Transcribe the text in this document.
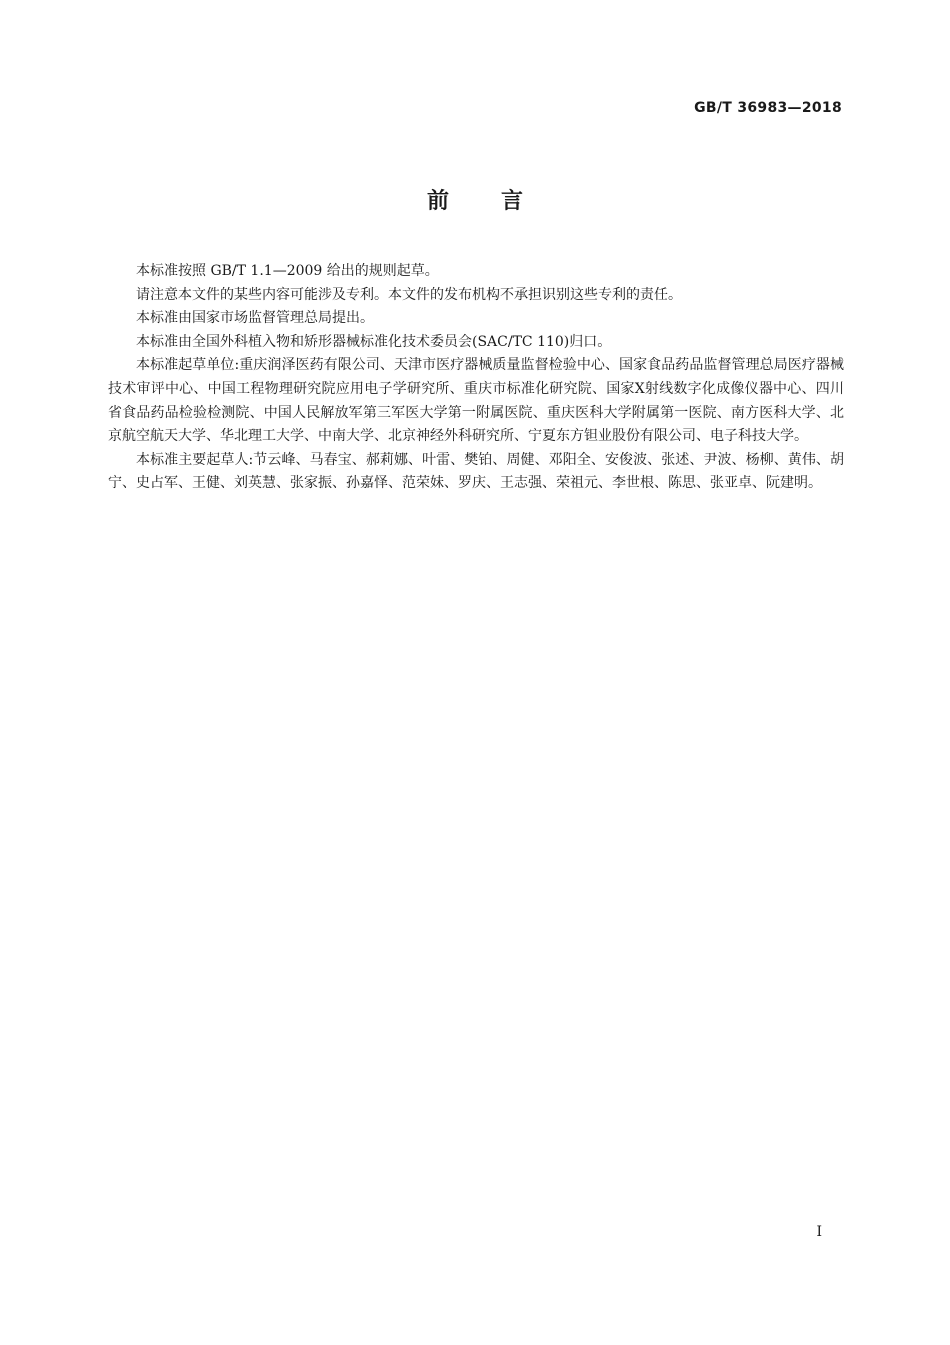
GB/T 36983—2018
前言

本标准按照 GB/T 1.1—2009 给出的规则起草。

请注意本文件的某些内容可能涉及专利。本文件的发布机构不承担识别这些专利的责任。

本标准由国家市场监督管理总局提出。

本标准由全国外科植入物和矫形器械标准化技术委员会(SAC/TC 110)归口。

本标准起草单位:重庆润泽医药有限公司、天津市医疗器械质量监督检验中心、国家食品药品监督管理总局医疗器械技术审评中心、中国工程物理研究院应用电子学研究所、重庆市标准化研究院、国家X射线数字化成像仪器中心、四川省食品药品检验检测院、中国人民解放军第三军医大学第一附属医院、重庆医科大学附属第一医院、南方医科大学、北京航空航天大学、华北理工大学、中南大学、北京神经外科研究所、宁夏东方钽业股份有限公司、电子科技大学。

本标准主要起草人:节云峰、马春宝、郝莉娜、叶雷、樊铂、周健、邓阳全、安俊波、张述、尹波、杨柳、黄伟、胡宁、史占军、王健、刘英慧、张家振、孙嘉怿、范荣妹、罗庆、王志强、荣祖元、李世根、陈思、张亚卓、阮建明。

I
